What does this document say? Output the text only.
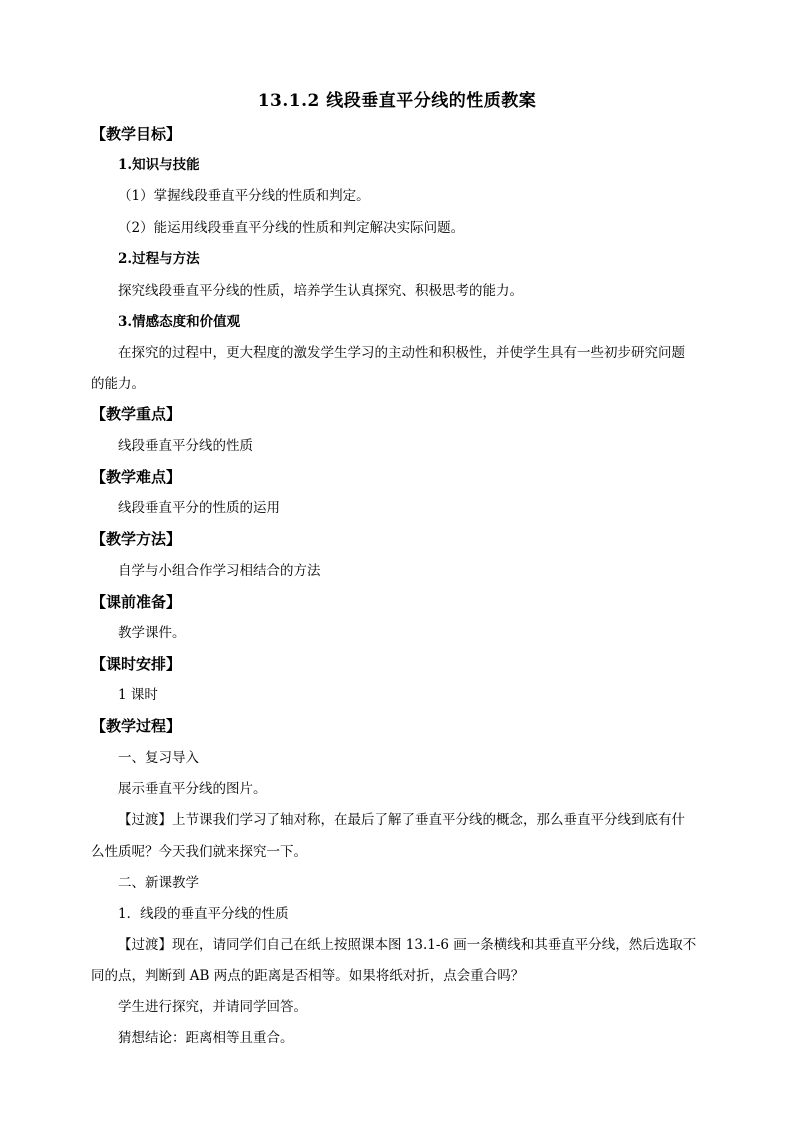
13.1.2 线段垂直平分线的性质教案
【教学目标】
1.知识与技能
（1）掌握线段垂直平分线的性质和判定。
（2）能运用线段垂直平分线的性质和判定解决实际问题。
2.过程与方法
探究线段垂直平分线的性质，培养学生认真探究、积极思考的能力。
3.情感态度和价值观
在探究的过程中，更大程度的激发学生学习的主动性和积极性，并使学生具有一些初步研究问题
的能力。
【教学重点】
线段垂直平分线的性质
【教学难点】
线段垂直平分的性质的运用
【教学方法】
自学与小组合作学习相结合的方法
【课前准备】
教学课件。
【课时安排】
1 课时
【教学过程】
一、复习导入
展示垂直平分线的图片。
【过渡】上节课我们学习了轴对称，在最后了解了垂直平分线的概念，那么垂直平分线到底有什
么性质呢？今天我们就来探究一下。
二、新课教学
1．线段的垂直平分线的性质
【过渡】现在，请同学们自己在纸上按照课本图 13.1-6 画一条横线和其垂直平分线，然后选取不
同的点，判断到 AB 两点的距离是否相等。如果将纸对折，点会重合吗？
学生进行探究，并请同学回答。
猜想结论：距离相等且重合。
